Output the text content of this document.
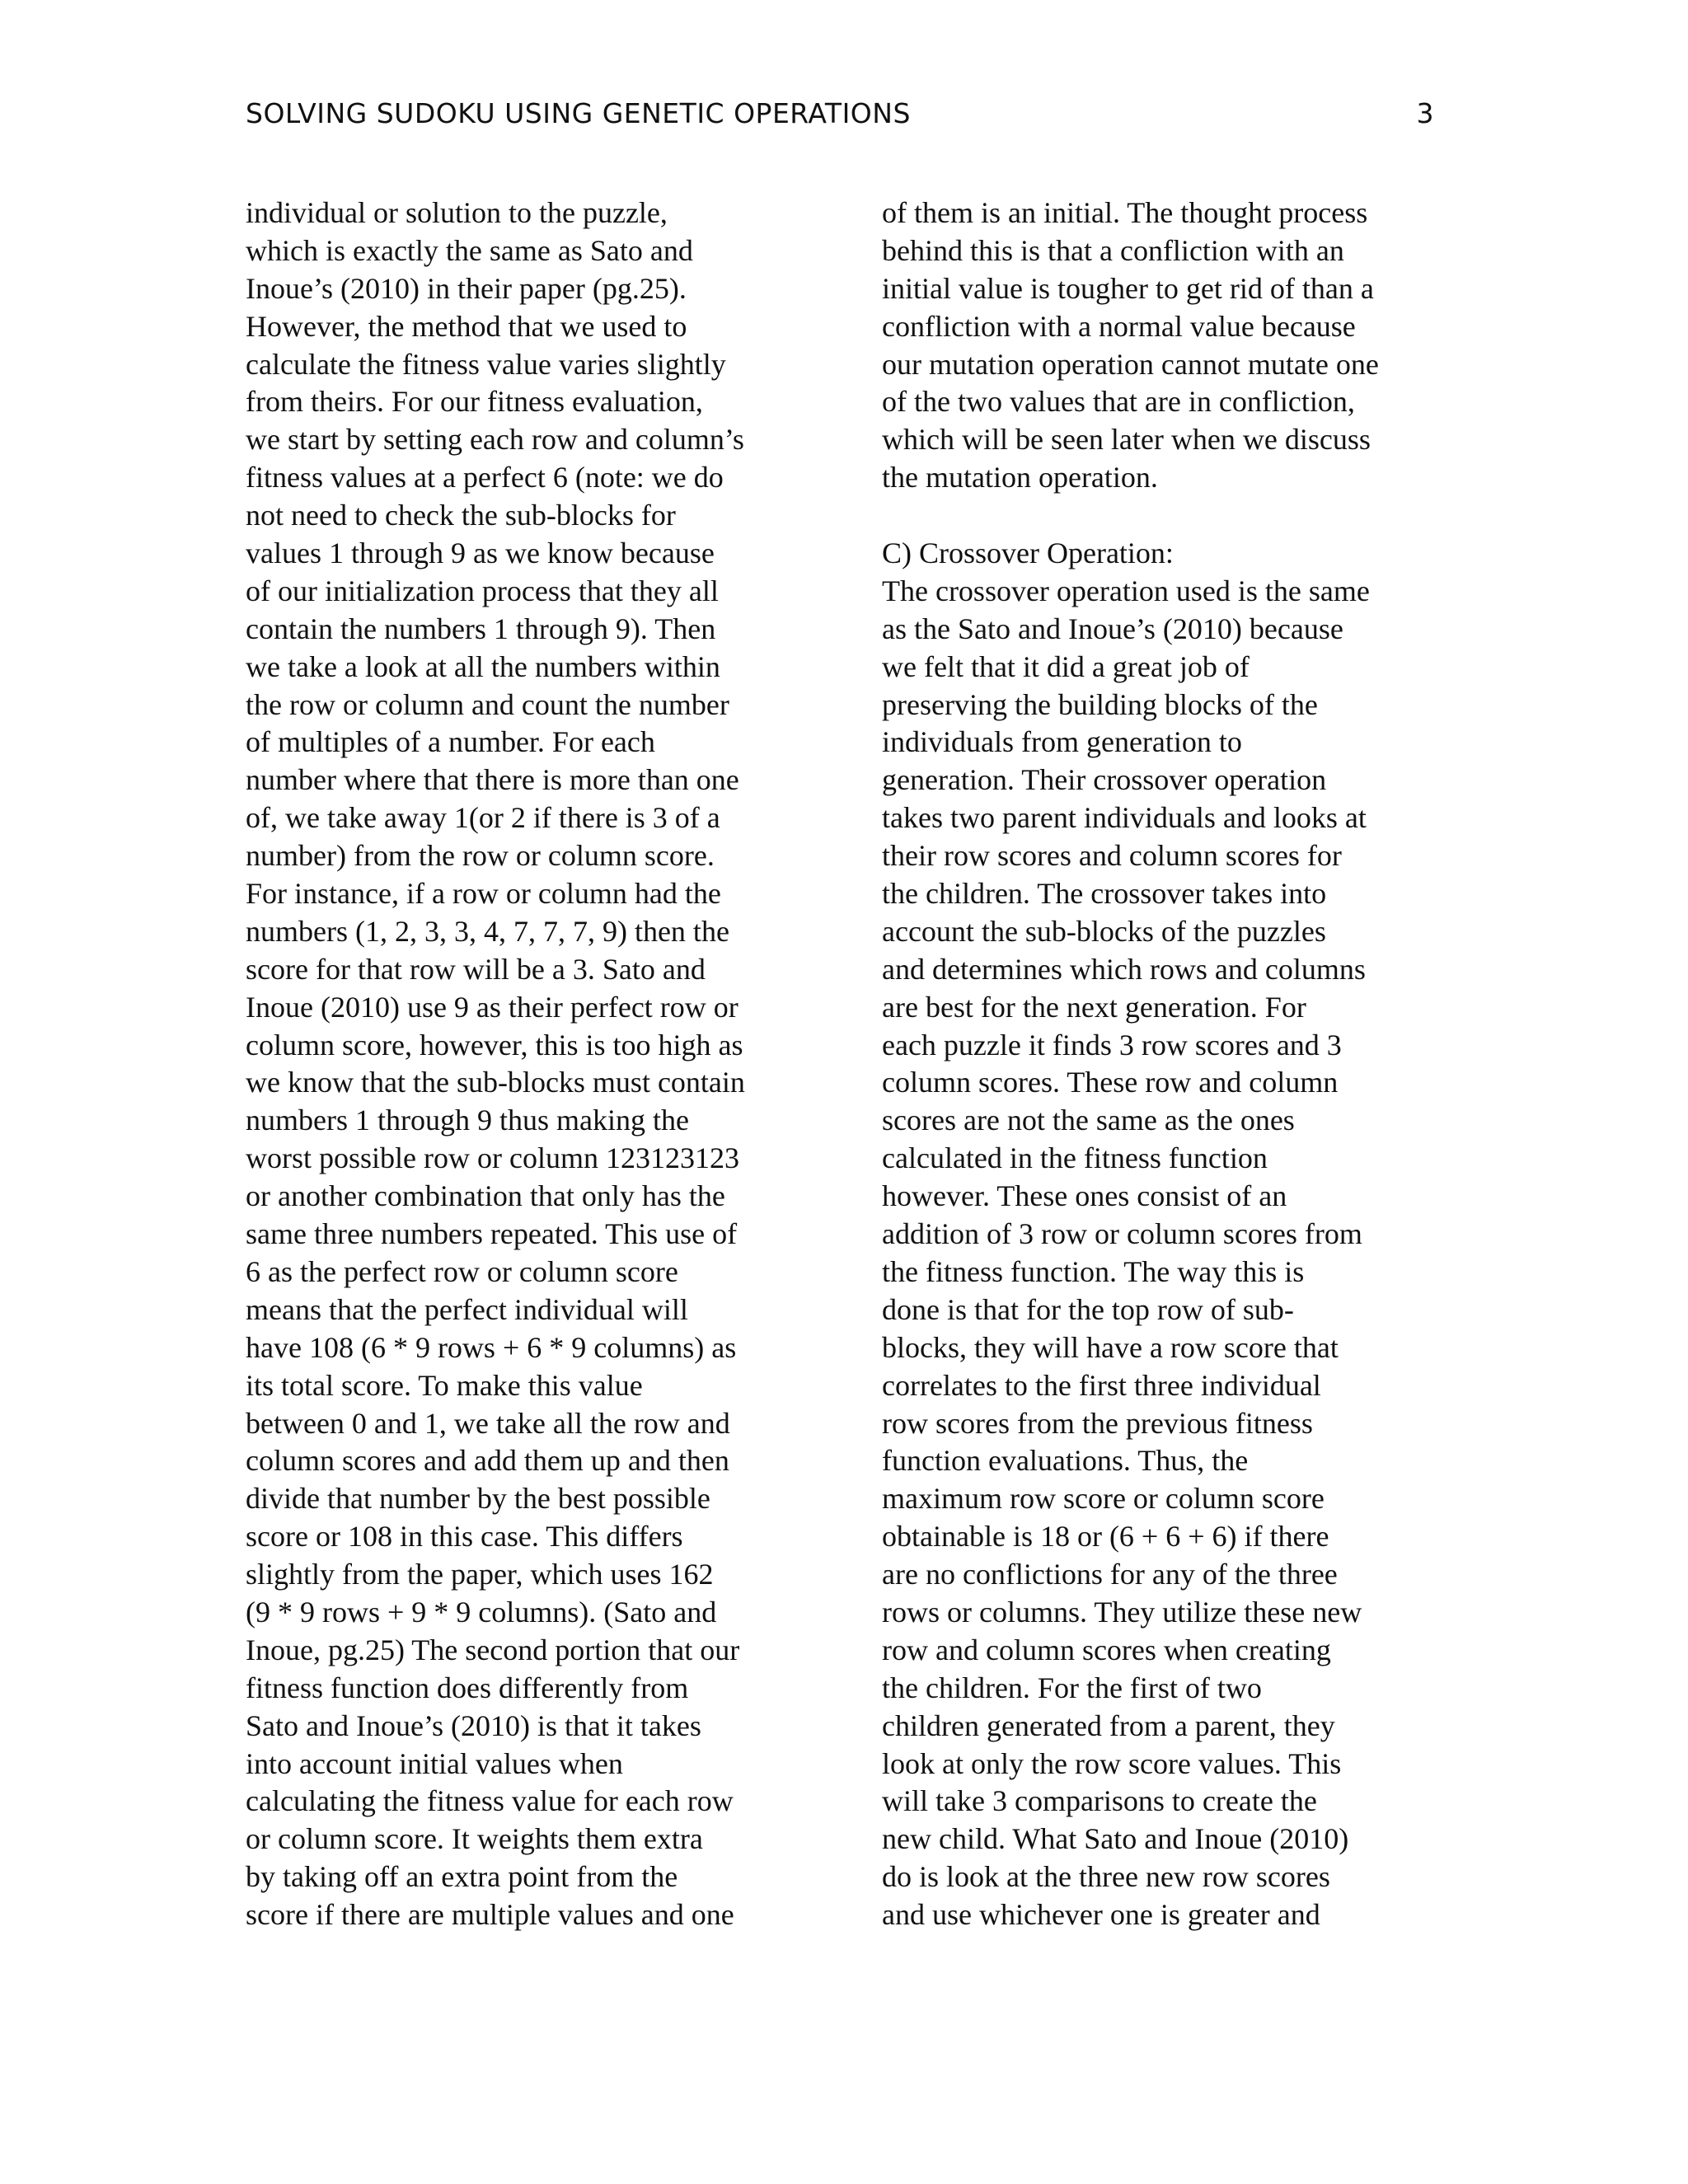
SOLVING SUDOKU USING GENETIC OPERATIONS	3
individual or solution to the puzzle,
which is exactly the same as Sato and
Inoue’s (2010) in their paper (pg.25).
However, the method that we used to
calculate the fitness value varies slightly
from theirs. For our fitness evaluation,
we start by setting each row and column’s
fitness values at a perfect 6 (note: we do
not need to check the sub-blocks for
values 1 through 9 as we know because
of our initialization process that they all
contain the numbers 1 through 9). Then
we take a look at all the numbers within
the row or column and count the number
of multiples of a number. For each
number where that there is more than one
of, we take away 1(or 2 if there is 3 of a
number) from the row or column score.
For instance, if a row or column had the
numbers (1, 2, 3, 3, 4, 7, 7, 7, 9) then the
score for that row will be a 3. Sato and
Inoue (2010) use 9 as their perfect row or
column score, however, this is too high as
we know that the sub-blocks must contain
numbers 1 through 9 thus making the
worst possible row or column 123123123
or another combination that only has the
same three numbers repeated. This use of
6 as the perfect row or column score
means that the perfect individual will
have 108 (6 * 9 rows + 6 * 9 columns) as
its total score. To make this value
between 0 and 1, we take all the row and
column scores and add them up and then
divide that number by the best possible
score or 108 in this case. This differs
slightly from the paper, which uses 162
(9 * 9 rows + 9 * 9 columns). (Sato and
Inoue, pg.25) The second portion that our
fitness function does differently from
Sato and Inoue’s (2010) is that it takes
into account initial values when
calculating the fitness value for each row
or column score. It weights them extra
by taking off an extra point from the
score if there are multiple values and one
of them is an initial. The thought process
behind this is that a confliction with an
initial value is tougher to get rid of than a
confliction with a normal value because
our mutation operation cannot mutate one
of the two values that are in confliction,
which will be seen later when we discuss
the mutation operation.
C) Crossover Operation:
The crossover operation used is the same
as the Sato and Inoue’s (2010) because
we felt that it did a great job of
preserving the building blocks of the
individuals from generation to
generation. Their crossover operation
takes two parent individuals and looks at
their row scores and column scores for
the children. The crossover takes into
account the sub-blocks of the puzzles
and determines which rows and columns
are best for the next generation. For
each puzzle it finds 3 row scores and 3
column scores. These row and column
scores are not the same as the ones
calculated in the fitness function
however. These ones consist of an
addition of 3 row or column scores from
the fitness function. The way this is
done is that for the top row of sub-
blocks, they will have a row score that
correlates to the first three individual
row scores from the previous fitness
function evaluations. Thus, the
maximum row score or column score
obtainable is 18 or (6 + 6 + 6) if there
are no conflictions for any of the three
rows or columns. They utilize these new
row and column scores when creating
the children. For the first of two
children generated from a parent, they
look at only the row score values. This
will take 3 comparisons to create the
new child. What Sato and Inoue (2010)
do is look at the three new row scores
and use whichever one is greater and
